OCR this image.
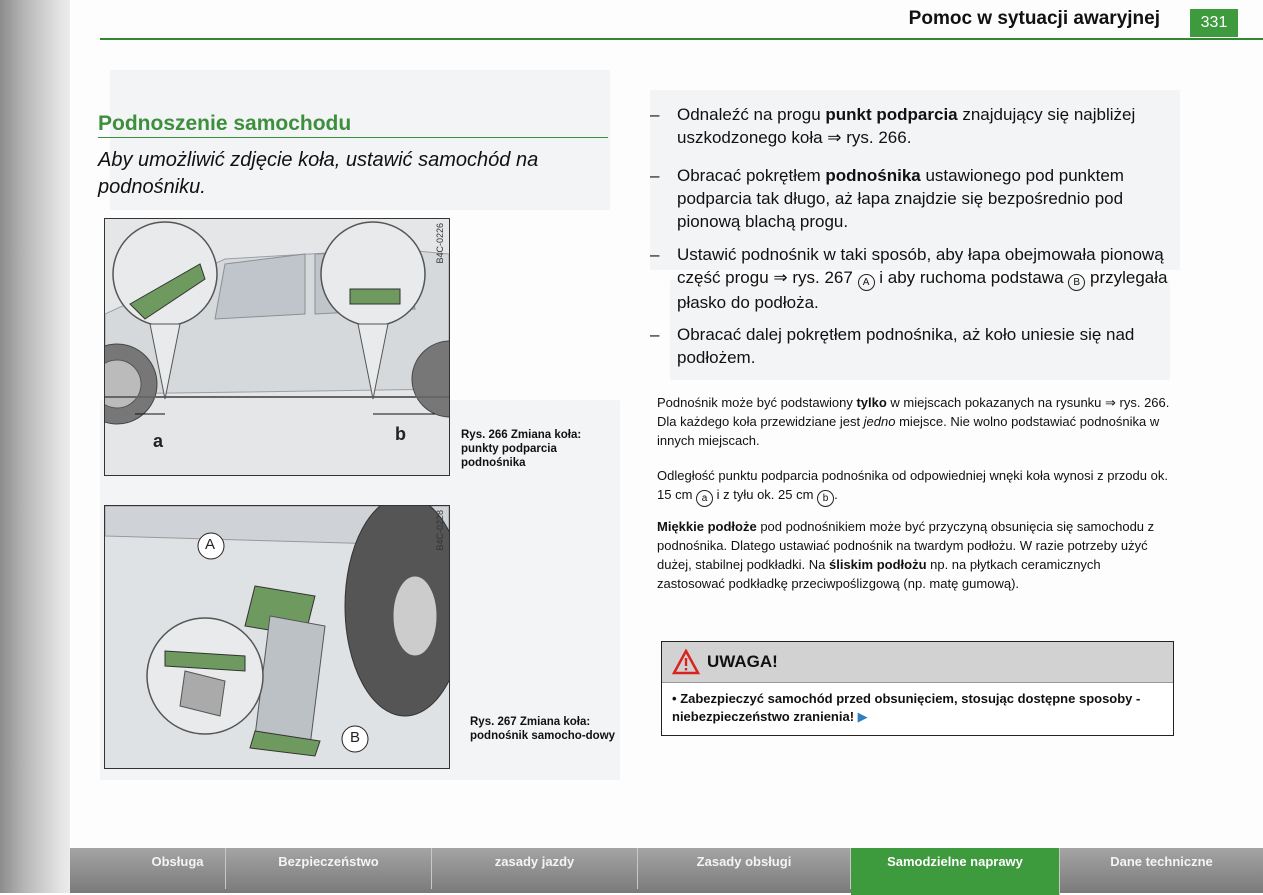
Pomoc w sytuacji awaryjnej	331
Podnoszenie samochodu
Aby umożliwić zdjęcie koła, ustawić samochód na podnośniku.
a	b
B4C-0226
Rys. 266 Zmiana koła:
punkty podparcia podnośnika
A
B
B4C-0228
Rys. 267 Zmiana koła:
podnośnik samocho-dowy
– Odnaleźć na progu punkt podparcia znajdujący się najbliżej uszkodzonego koła ⇒ rys. 266.
– Obracać pokrętłem podnośnika ustawionego pod punktem podparcia tak długo, aż łapa znajdzie się bezpośrednio pod pionową blachą progu.
– Ustawić podnośnik w taki sposób, aby łapa obejmowała pionową część progu ⇒ rys. 267 A i aby ruchoma podstawa B przylegała płasko do podłoża.
– Obracać dalej pokrętłem podnośnika, aż koło uniesie się nad podłożem.
Podnośnik może być podstawiony tylko w miejscach pokazanych na rysunku ⇒ rys. 266. Dla każdego koła przewidziane jest jedno miejsce. Nie wolno podstawiać podnośnika w innych miejscach.
Odległość punktu podparcia podnośnika od odpowiedniej wnęki koła wynosi z przodu ok. 15 cm a i z tyłu ok. 25 cm b .
Miękkie podłoże pod podnośnikiem może być przyczyną obsunięcia się samochodu z podnośnika. Dlatego ustawiać podnośnik na twardym podłożu. W razie potrzeby użyć dużej, stabilnej podkładki. Na śliskim podłożu np. na płytkach ceramicznych zastosować podkładkę przeciwpoślizgową (np. matę gumową).
UWAGA!
• Zabezpieczyć samochód przed obsunięciem, stosując dostępne sposoby - niebezpieczeństwo zranienia! ▶
Obsługa	Bezpieczeństwo	zasady jazdy	Zasady obsługi	Samodzielne naprawy	Dane techniczne
